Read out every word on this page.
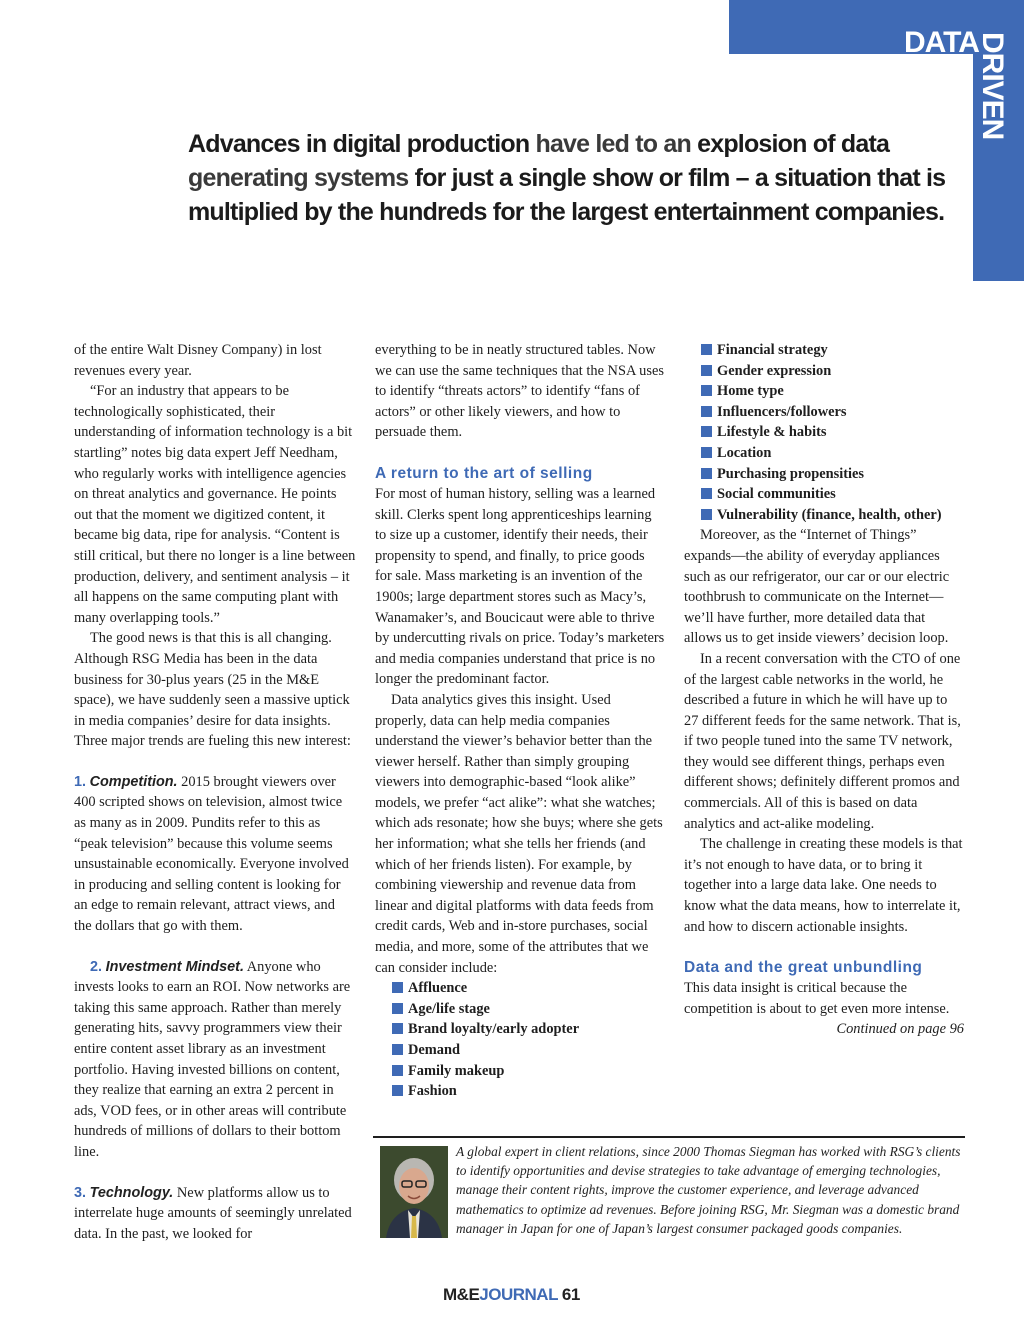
DATA
DRIVEN
Advances in digital production have led to an explosion of data generating systems for just a single show or film – a situation that is multiplied by the hundreds for the largest entertainment companies.

of the entire Walt Disney Company) in lost revenues every year.

“For an industry that appears to be technologically sophisticated, their understanding of information technology is a bit startling” notes big data expert Jeff Needham, who regularly works with intelligence agencies on threat analytics and governance. He points out that the moment we digitized content, it became big data, ripe for analysis. “Content is still critical, but there no longer is a line between production, delivery, and sentiment analysis – it all happens on the same computing plant with many overlapping tools.”

The good news is that this is all changing. Although RSG Media has been in the data business for 30-plus years (25 in the M&E space), we have suddenly seen a massive uptick in media companies’ desire for data insights. Three major trends are fueling this new interest:

1. Competition. 2015 brought viewers over 400 scripted shows on television, almost twice as many as in 2009. Pundits refer to this as “peak television” because this volume seems unsustainable economically. Everyone involved in producing and selling content is looking for an edge to remain relevant, attract views, and the dollars that go with them.

2. Investment Mindset. Anyone who invests looks to earn an ROI. Now networks are taking this same approach. Rather than merely generating hits, savvy programmers view their entire content asset library as an investment portfolio. Having invested billions on content, they realize that earning an extra 2 percent in ads, VOD fees, or in other areas will contribute hundreds of millions of dollars to their bottom line.

3. Technology. New platforms allow us to interrelate huge amounts of seemingly unrelated data. In the past, we looked for

everything to be in neatly structured tables. Now we can use the same techniques that the NSA uses to identify “threats actors” to identify “fans of actors” or other likely viewers, and how to persuade them.

A return to the art of selling

For most of human history, selling was a learned skill. Clerks spent long apprenticeships learning to size up a customer, identify their needs, their propensity to spend, and finally, to price goods for sale. Mass marketing is an invention of the 1900s; large department stores such as Macy’s, Wanamaker’s, and Boucicaut were able to thrive by undercutting rivals on price. Today’s marketers and media companies understand that price is no longer the predominant factor.

Data analytics gives this insight. Used properly, data can help media companies understand the viewer’s behavior better than the viewer herself. Rather than simply grouping viewers into demographic-based “look alike” models, we prefer “act alike”: what she watches; which ads resonate; how she buys; where she gets her information; what she tells her friends (and which of her friends listen). For example, by combining viewership and revenue data from linear and digital platforms with data feeds from credit cards, Web and in-store purchases, social media, and more, some of the attributes that we can consider include:

Affluence
Age/life stage
Brand loyalty/early adopter
Demand
Family makeup
Fashion
Financial strategy
Gender expression
Home type
Influencers/followers
Lifestyle & habits
Location
Purchasing propensities
Social communities
Vulnerability (finance, health, other)

Moreover, as the “Internet of Things” expands—the ability of everyday appliances such as our refrigerator, our car or our electric toothbrush to communicate on the Internet—we’ll have further, more detailed data that allows us to get inside viewers’ decision loop.

In a recent conversation with the CTO of one of the largest cable networks in the world, he described a future in which he will have up to 27 different feeds for the same network. That is, if two people tuned into the same TV network, they would see different things, perhaps even different shows; definitely different promos and commercials. All of this is based on data analytics and act-alike modeling.

The challenge in creating these models is that it’s not enough to have data, or to bring it together into a large data lake. One needs to know what the data means, how to interrelate it, and how to discern actionable insights.

Data and the great unbundling

This data insight is critical because the competition is about to get even more intense.

Continued on page 96

A global expert in client relations, since 2000 Thomas Siegman has worked with RSG’s clients to identify opportunities and devise strategies to take advantage of emerging technologies, manage their content rights, improve the customer experience, and leverage advanced mathematics to optimize ad revenues. Before joining RSG, Mr. Siegman was a domestic brand manager in Japan for one of Japan’s largest consumer packaged goods companies.
M&EJOURNAL 61
